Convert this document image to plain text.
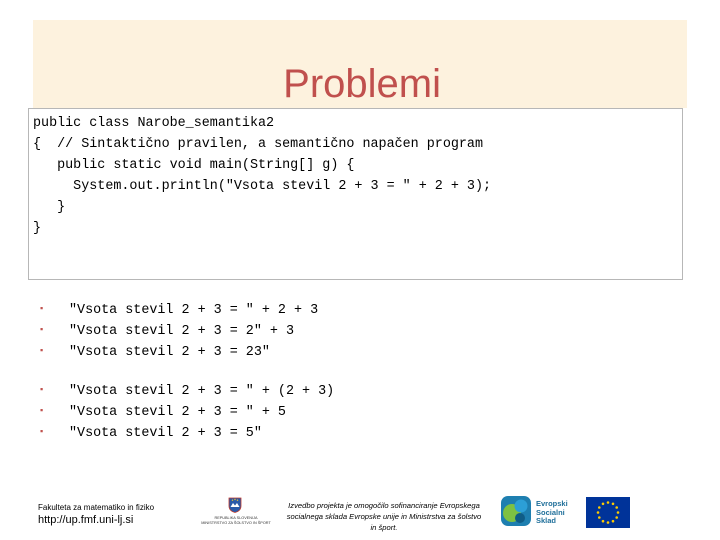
Problemi
public class Narobe_semantika2
{  // Sintaktično pravilen, a semantično napačen program
public static void main(String[] g) {
System.out.println("Vsota stevil 2 + 3 = " + 2 + 3);
}
}
▪ "Vsota stevil 2 + 3 = " + 2 + 3
▪ "Vsota stevil 2 + 3 = 2" + 3
▪ "Vsota stevil 2 + 3 = 23"
▪ "Vsota stevil 2 + 3 = " + (2 + 3)
▪ "Vsota stevil 2 + 3 = " + 5
▪ "Vsota stevil 2 + 3 = 5"
Fakulteta za matematiko in fiziko
http://up.fmf.uni-lj.si	REPUBLIKA SLOVENIJA
MINISTRSTVO ZA ŠOLSTVO IN ŠPORT
Izvedbo projekta je omogočilo sofinanciranje Evropskega socialnega sklada Evropske unije in Ministrstva za šolstvo in šport.
Evropski
Socialni
Sklad
